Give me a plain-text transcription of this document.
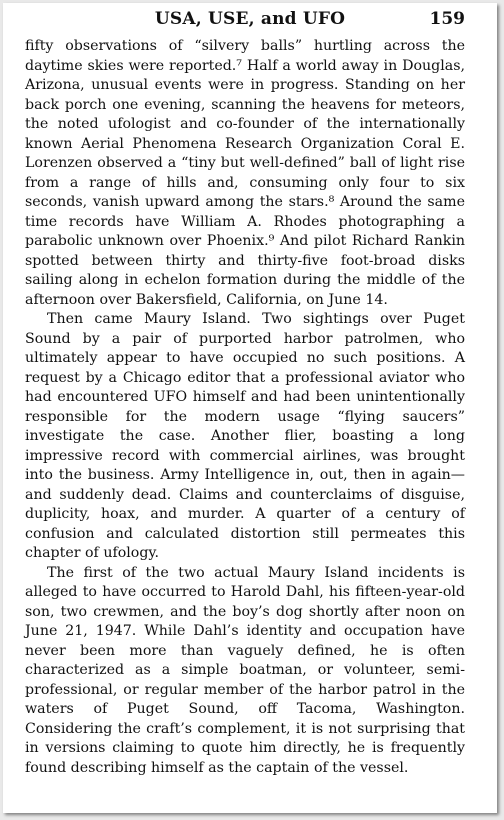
USA, USE, and UFO	159

fifty observations of “silvery balls” hurtling across the daytime skies were reported.⁷ Half a world away in Douglas, Arizona, unusual events were in progress. Standing on her back porch one evening, scanning the heavens for meteors, the noted ufologist and co-founder of the internationally known Aerial Phenomena Research Organization Coral E. Lorenzen observed a “tiny but well-defined” ball of light rise from a range of hills and, consuming only four to six seconds, vanish upward among the stars.⁸ Around the same time records have William A. Rhodes photographing a parabolic unknown over Phoenix.⁹ And pilot Richard Rankin spotted between thirty and thirty-five foot-broad disks sailing along in echelon formation during the middle of the afternoon over Bakersfield, California, on June 14.

Then came Maury Island. Two sightings over Puget Sound by a pair of purported harbor patrolmen, who ultimately appear to have occupied no such positions. A request by a Chicago editor that a professional aviator who had encountered UFO himself and had been unintentionally responsible for the modern usage “flying saucers” investigate the case. Another flier, boasting a long impressive record with commercial airlines, was brought into the business. Army Intelligence in, out, then in again—and suddenly dead. Claims and counterclaims of disguise, duplicity, hoax, and murder. A quarter of a century of confusion and calculated distortion still permeates this chapter of ufology.

The first of the two actual Maury Island incidents is alleged to have occurred to Harold Dahl, his fifteen-year-old son, two crewmen, and the boy’s dog shortly after noon on June 21, 1947. While Dahl’s identity and occupation have never been more than vaguely defined, he is often characterized as a simple boatman, or volunteer, semi-professional, or regular member of the harbor patrol in the waters of Puget Sound, off Tacoma, Washington. Considering the craft’s complement, it is not surprising that in versions claiming to quote him directly, he is frequently found describing himself as the captain of the vessel.
